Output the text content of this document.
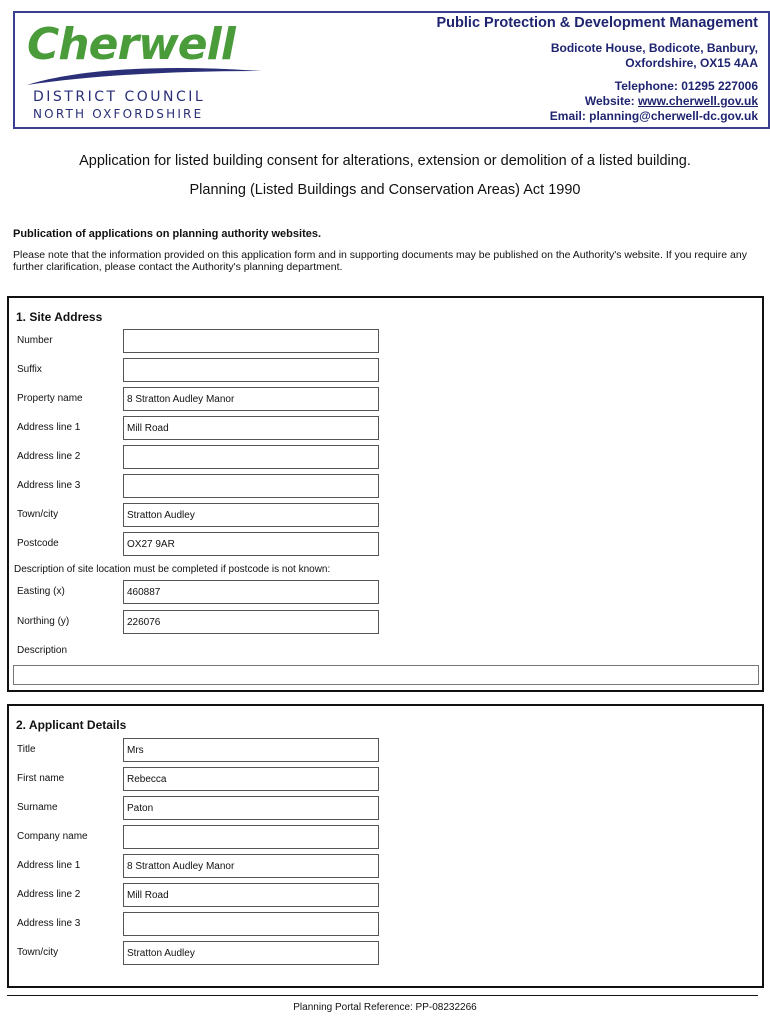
Cherwell
DISTRICT COUNCIL
NORTH OXFORDSHIRE
Public Protection & Development Management
Bodicote House, Bodicote, Banbury,
Oxfordshire, OX15 4AA
Telephone: 01295 227006
Website: www.cherwell.gov.uk
Email: planning@cherwell-dc.gov.uk
Application for listed building consent for alterations, extension or demolition of a listed building.
Planning (Listed Buildings and Conservation Areas) Act 1990
Publication of applications on planning authority websites.
Please note that the information provided on this application form and in supporting documents may be published on the Authority's website. If you require any further clarification, please contact the Authority's planning department.
1. Site Address
Number
Suffix
Property name	8 Stratton Audley Manor
Address line 1	Mill Road
Address line 2
Address line 3
Town/city	Stratton Audley
Postcode	OX27 9AR
Description of site location must be completed if postcode is not known:
Easting (x)	460887
Northing (y)	226076
Description
2. Applicant Details
Title	Mrs
First name	Rebecca
Surname	Paton
Company name
Address line 1	8 Stratton Audley Manor
Address line 2	Mill Road
Address line 3
Town/city	Stratton Audley
Planning Portal Reference: PP-08232266
